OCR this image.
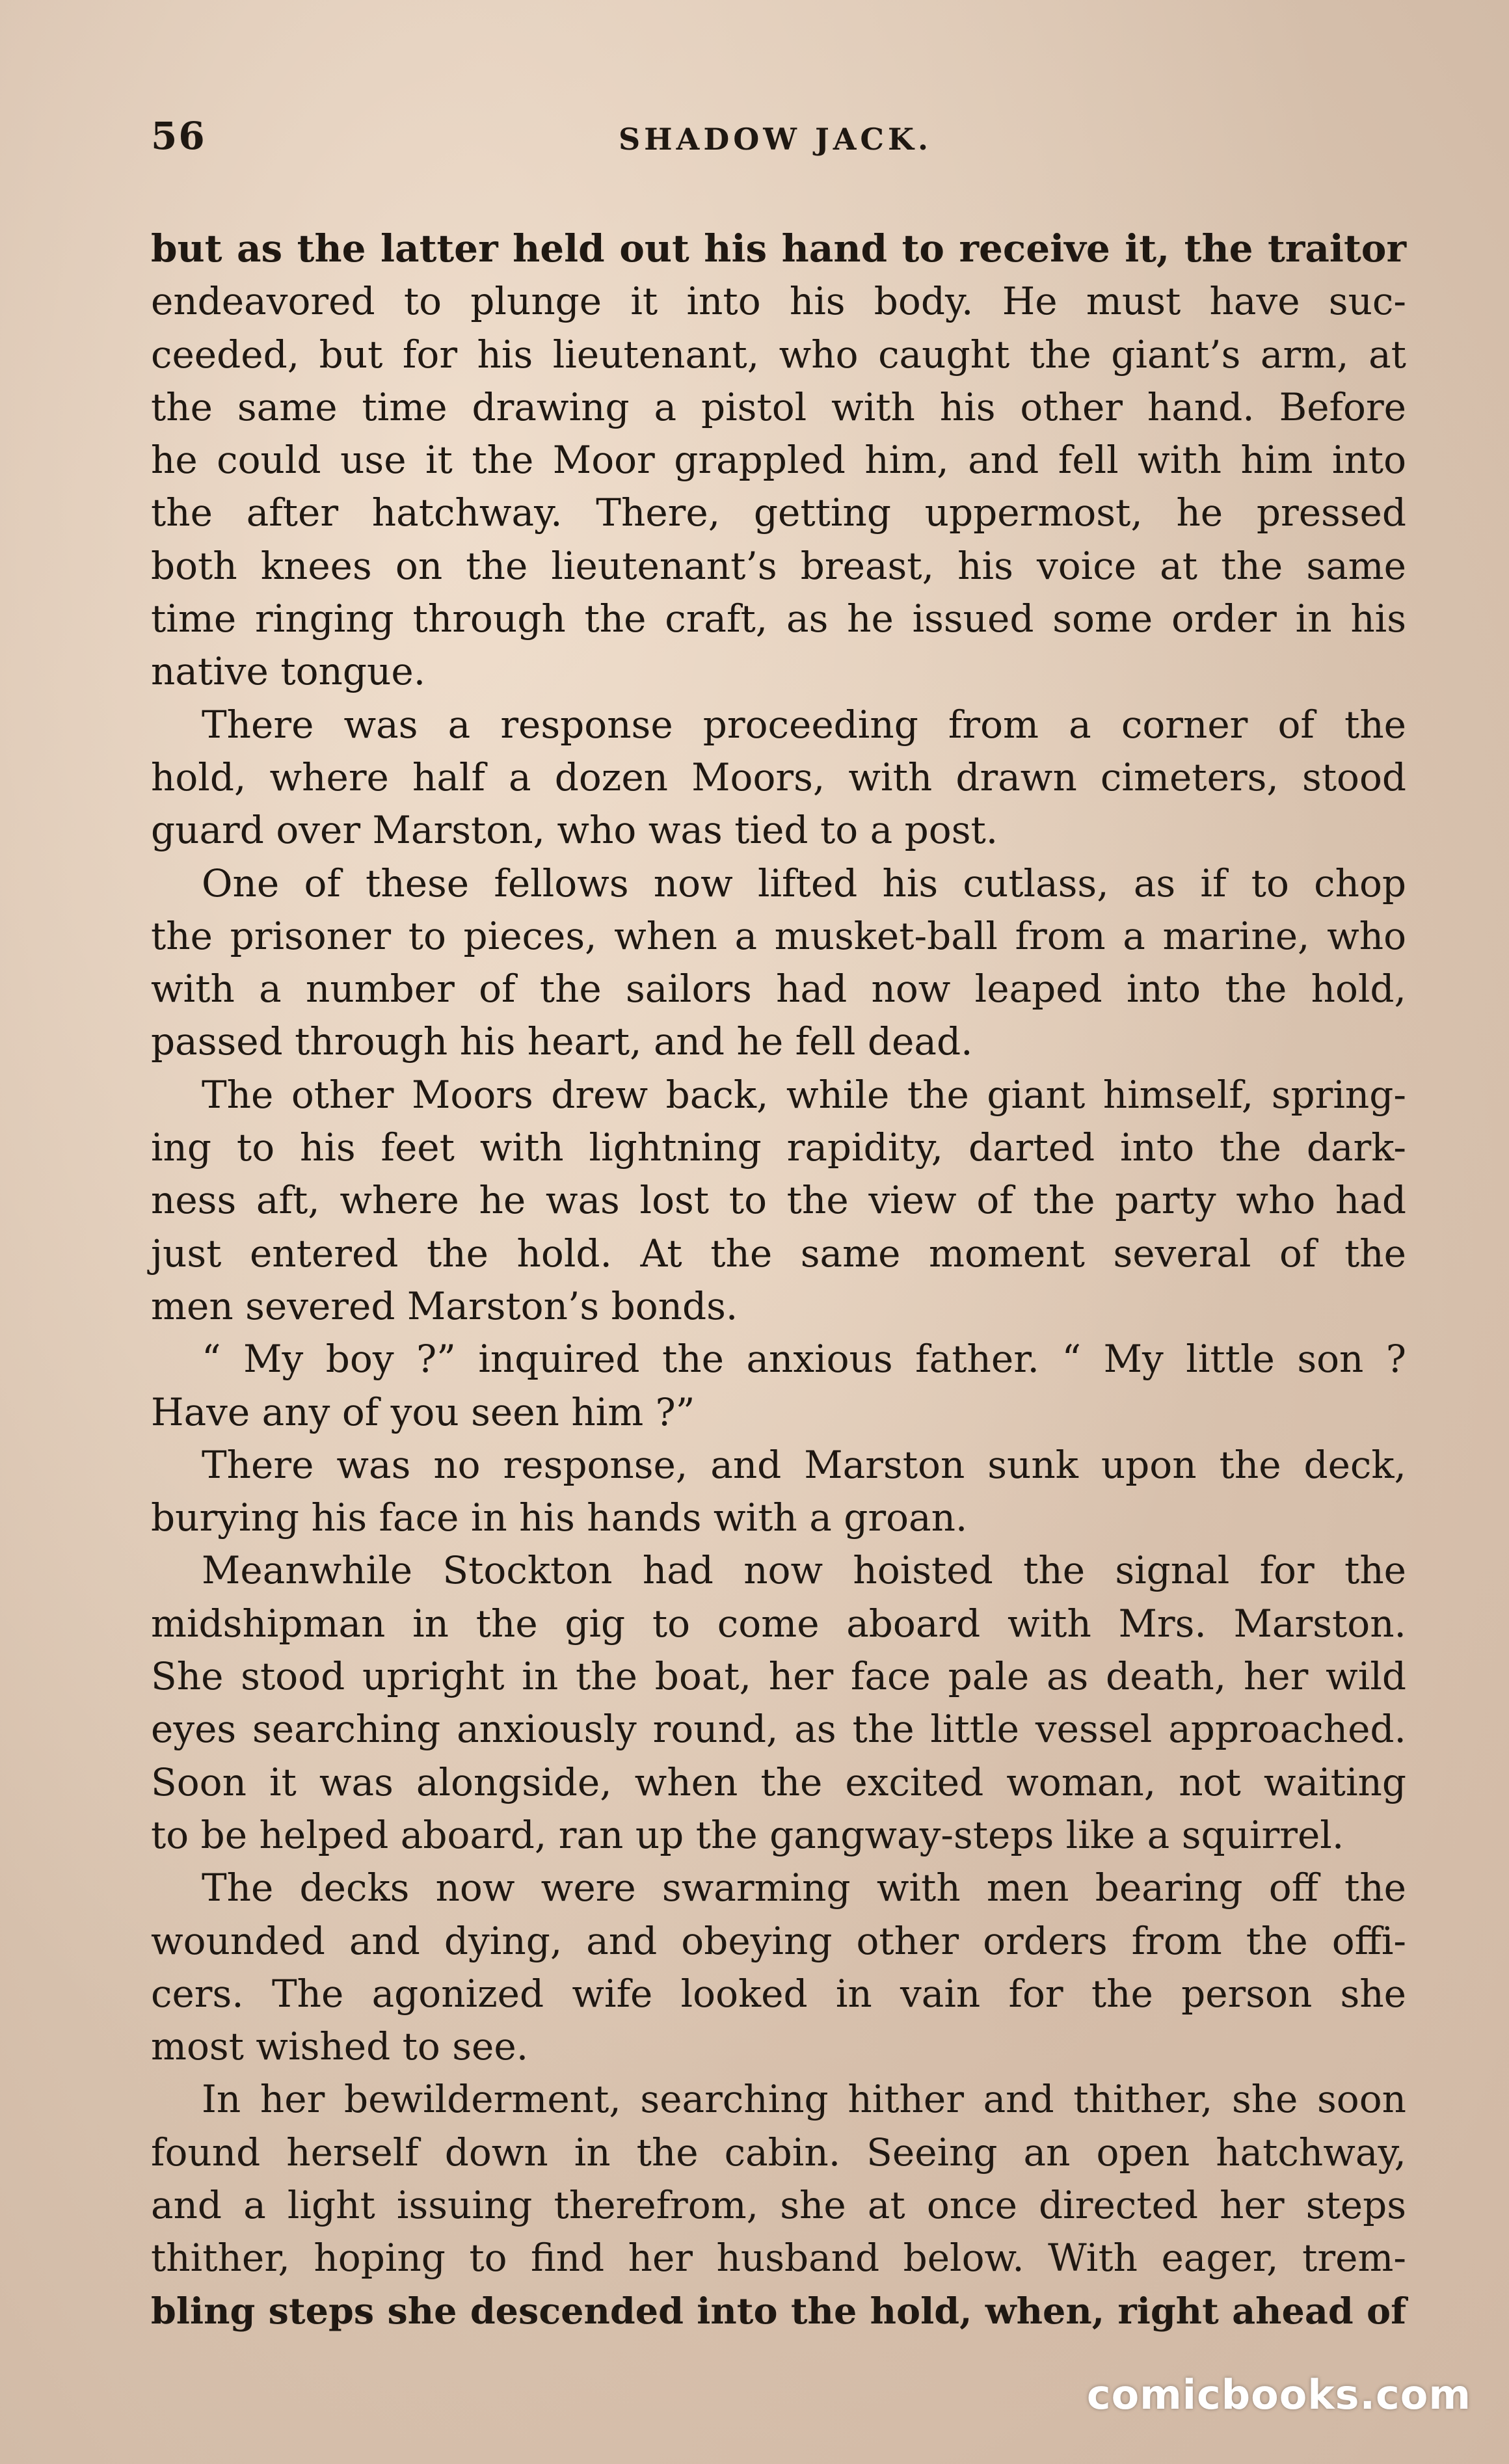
56	SHADOW JACK.
but as the latter held out his hand to receive it, the traitor
endeavored to plunge it into his body. He must have suc-
ceeded, but for his lieutenant, who caught the giant’s arm, at
the same time drawing a pistol with his other hand. Before
he could use it the Moor grappled him, and fell with him into
the after hatchway. There, getting uppermost, he pressed
both knees on the lieutenant’s breast, his voice at the same
time ringing through the craft, as he issued some order in his
native tongue.
There was a response proceeding from a corner of the
hold, where half a dozen Moors, with drawn cimeters, stood
guard over Marston, who was tied to a post.
One of these fellows now lifted his cutlass, as if to chop
the prisoner to pieces, when a musket-ball from a marine, who
with a number of the sailors had now leaped into the hold,
passed through his heart, and he fell dead.
The other Moors drew back, while the giant himself, spring-
ing to his feet with lightning rapidity, darted into the dark-
ness aft, where he was lost to the view of the party who had
just entered the hold. At the same moment several of the
men severed Marston’s bonds.
“ My boy ?” inquired the anxious father. “ My little son ?
Have any of you seen him ?”
There was no response, and Marston sunk upon the deck,
burying his face in his hands with a groan.
Meanwhile Stockton had now hoisted the signal for the
midshipman in the gig to come aboard with Mrs. Marston.
She stood upright in the boat, her face pale as death, her wild
eyes searching anxiously round, as the little vessel approached.
Soon it was alongside, when the excited woman, not waiting
to be helped aboard, ran up the gangway-steps like a squirrel.
The decks now were swarming with men bearing off the
wounded and dying, and obeying other orders from the offi-
cers. The agonized wife looked in vain for the person she
most wished to see.
In her bewilderment, searching hither and thither, she soon
found herself down in the cabin. Seeing an open hatchway,
and a light issuing therefrom, she at once directed her steps
thither, hoping to find her husband below. With eager, trem-
bling steps she descended into the hold, when, right ahead of
comicbooks.com
